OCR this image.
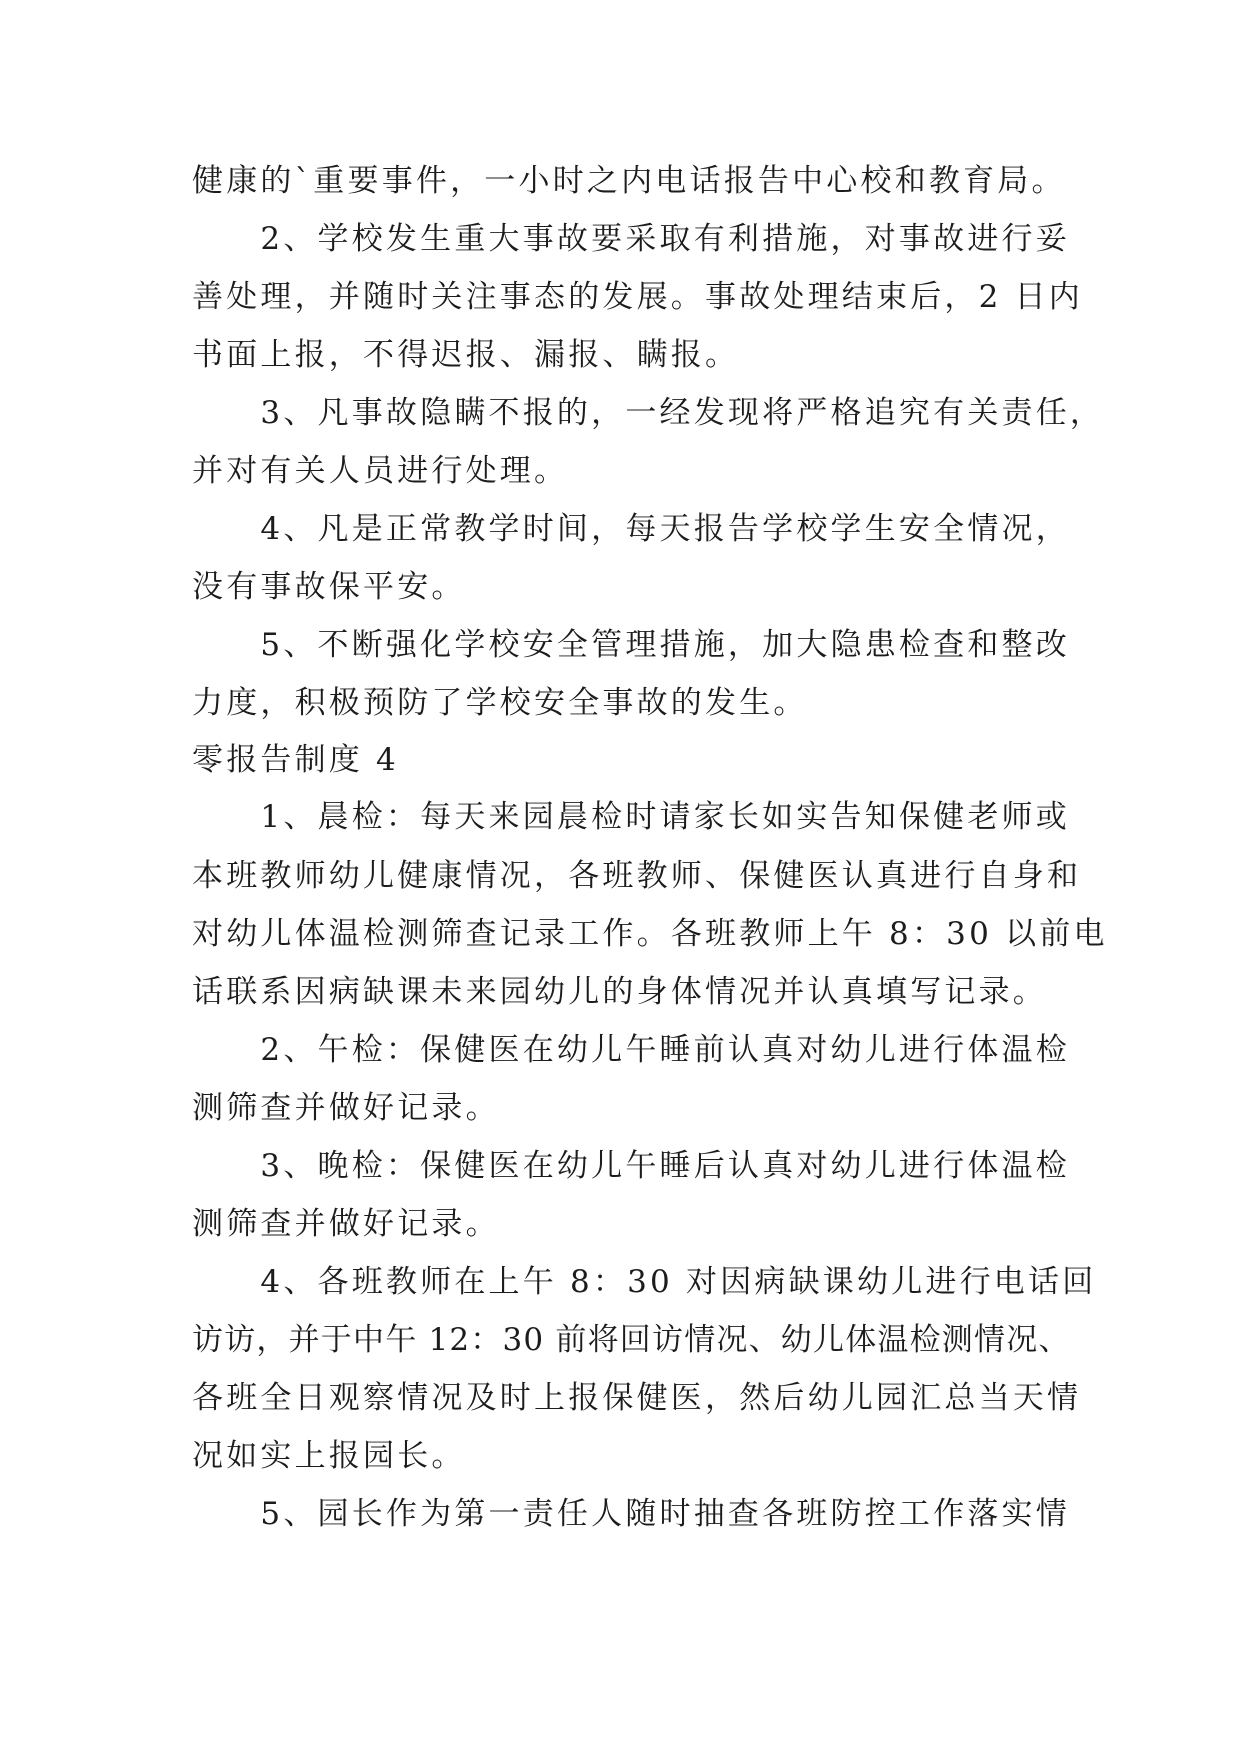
健康的`重要事件，一小时之内电话报告中心校和教育局。
　　2、学校发生重大事故要采取有利措施，对事故进行妥
善处理，并随时关注事态的发展。事故处理结束后，2 日内
书面上报，不得迟报、漏报、瞒报。
　　3、凡事故隐瞒不报的，一经发现将严格追究有关责任，
并对有关人员进行处理。
　　4、凡是正常教学时间，每天报告学校学生安全情况，
没有事故保平安。
　　5、不断强化学校安全管理措施，加大隐患检查和整改
力度，积极预防了学校安全事故的发生。
零报告制度 4
　　1、晨检：每天来园晨检时请家长如实告知保健老师或
本班教师幼儿健康情况，各班教师、保健医认真进行自身和
对幼儿体温检测筛查记录工作。各班教师上午 8：30 以前电
话联系因病缺课未来园幼儿的身体情况并认真填写记录。
　　2、午检：保健医在幼儿午睡前认真对幼儿进行体温检
测筛查并做好记录。
　　3、晚检：保健医在幼儿午睡后认真对幼儿进行体温检
测筛查并做好记录。
　　4、各班教师在上午 8：30 对因病缺课幼儿进行电话回
访访，并于中午 12：30 前将回访情况、幼儿体温检测情况、
各班全日观察情况及时上报保健医，然后幼儿园汇总当天情
况如实上报园长。
　　5、园长作为第一责任人随时抽查各班防控工作落实情
